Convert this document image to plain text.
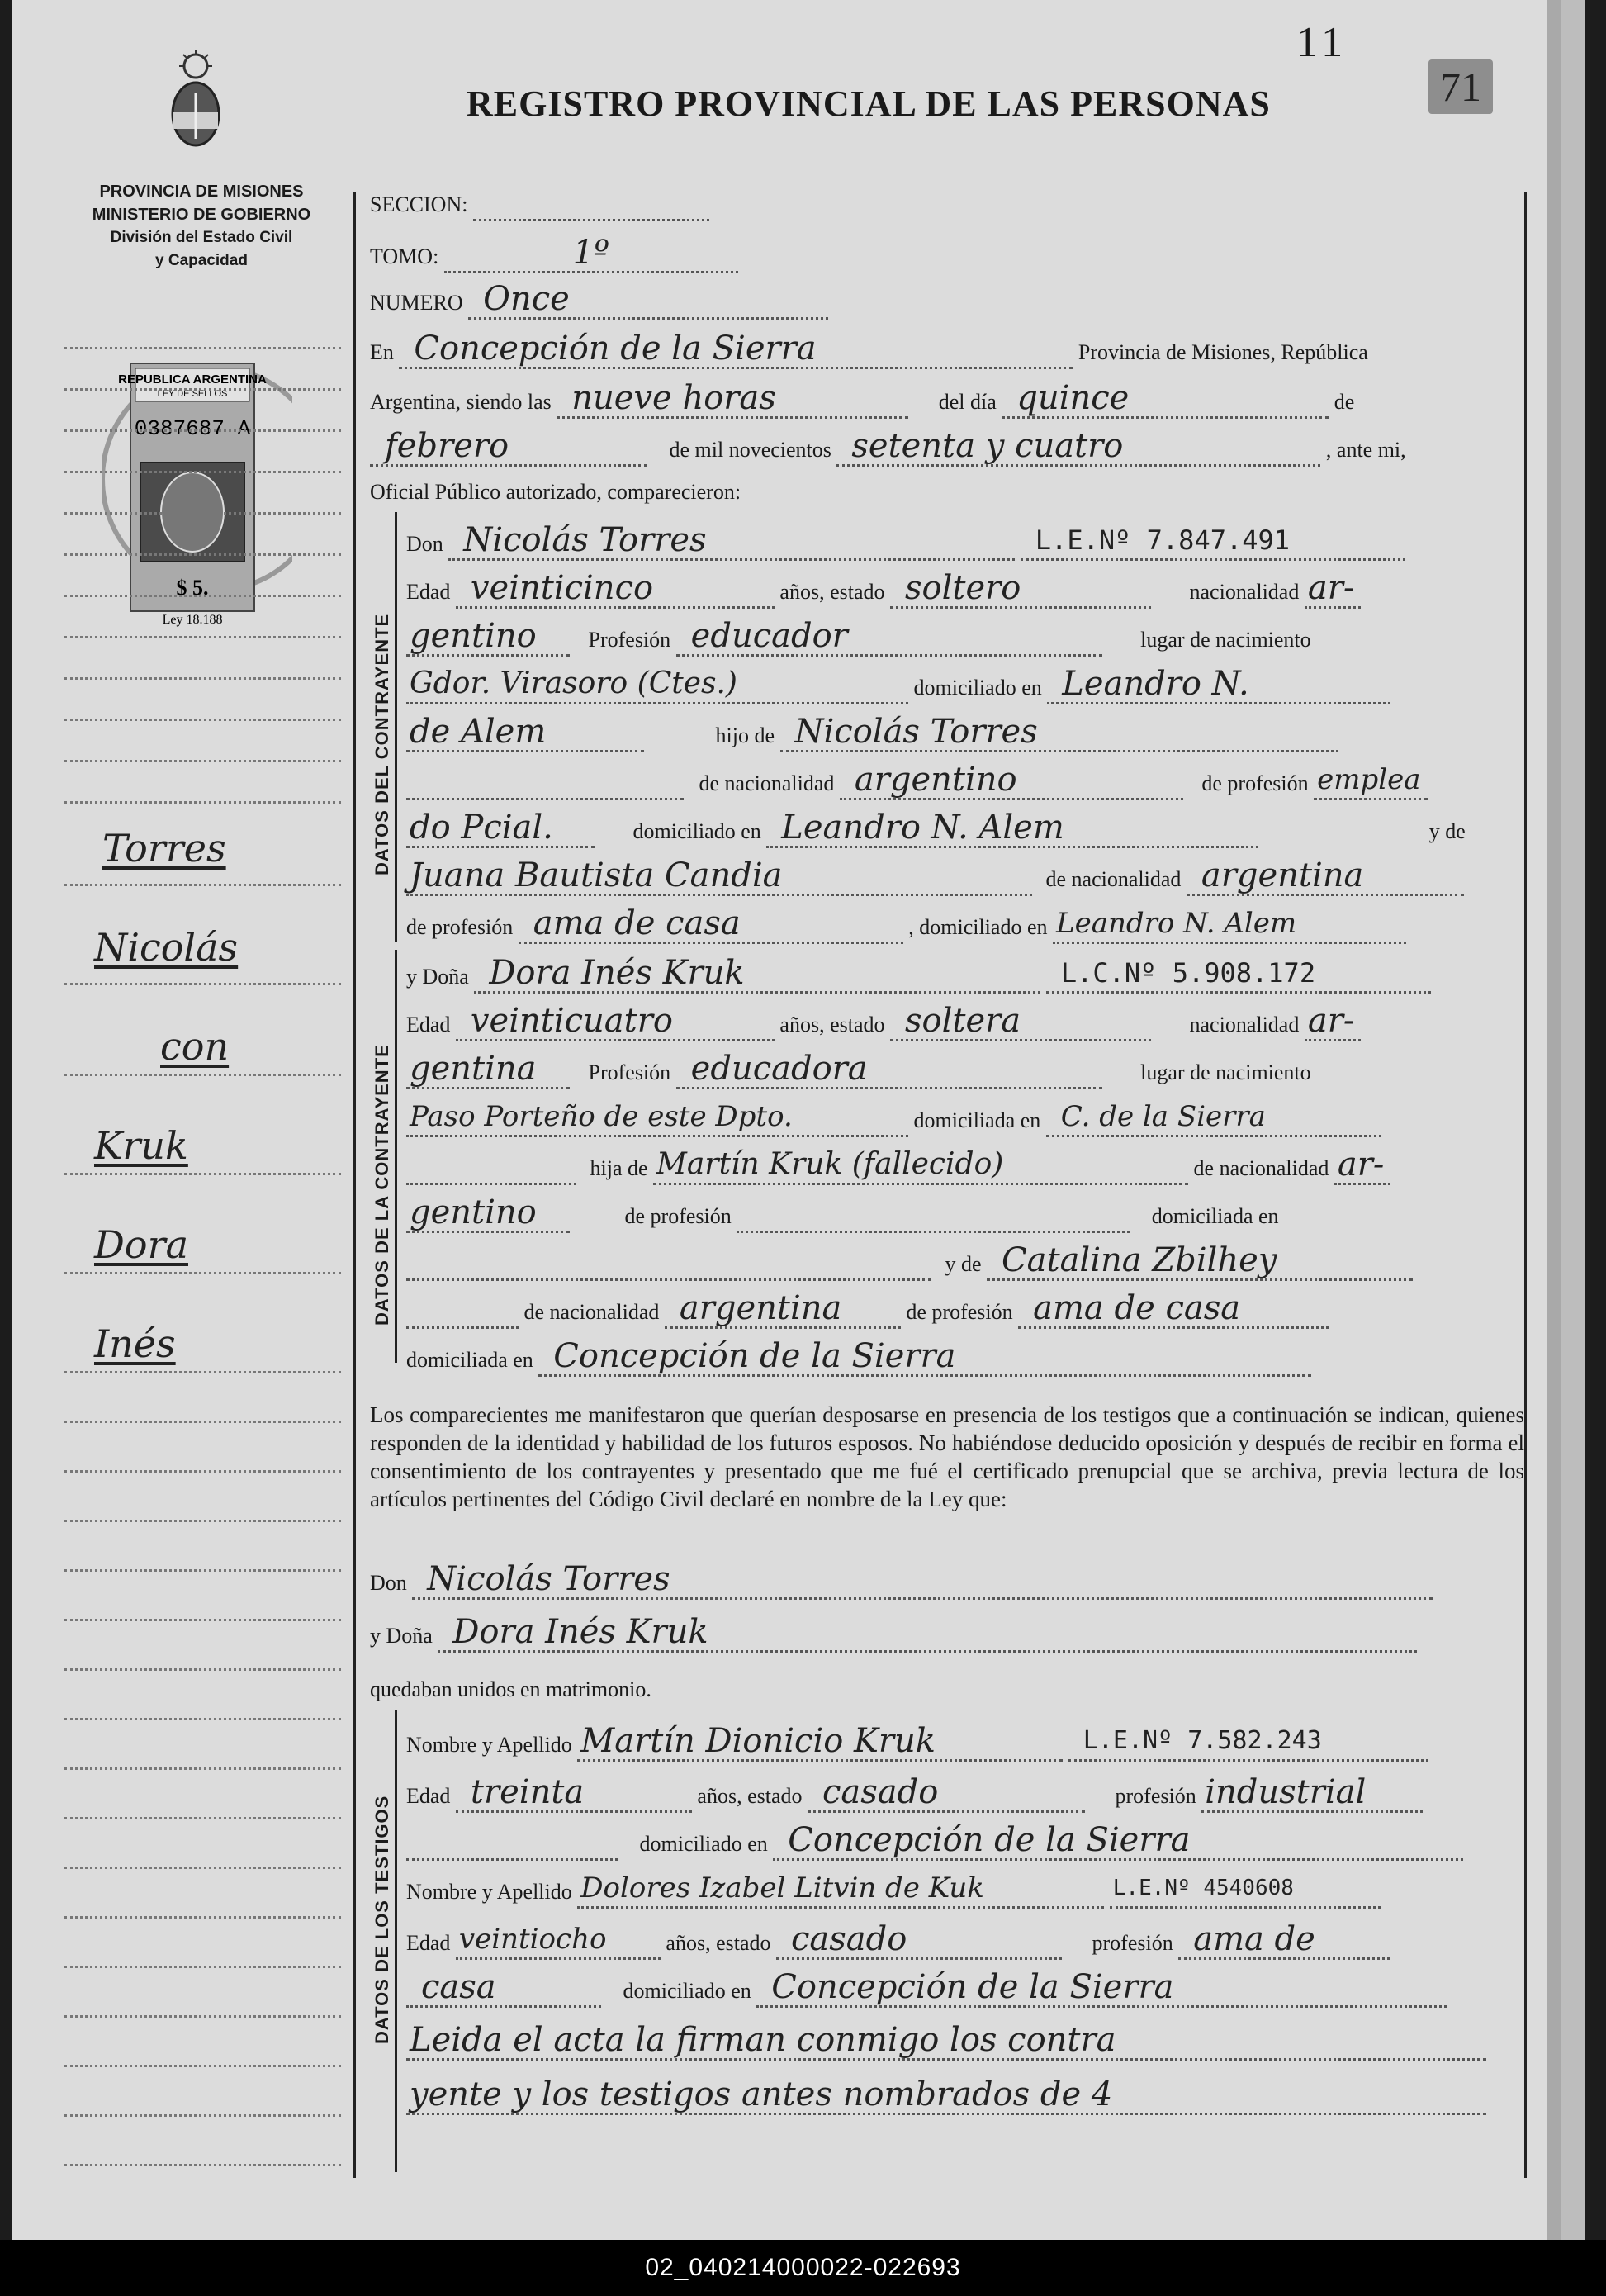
11
71
REGISTRO PROVINCIAL DE LAS PERSONAS
PROVINCIA DE MISIONES
MINISTERIO DE GOBIERNO
División del Estado Civil
y Capacidad
REPUBLICA ARGENTINA
LEY DE SELLOS
0387687 A
$ 5.
Ley 18.188
Torres
Nicolás
con
Kruk
Dora
Inés
DATOS DEL CONTRAYENTE
DATOS DE LA CONTRAYENTE
DATOS DE LOS TESTIGOS
SECCION:
TOMO:	1º
NUMERO Once
En Concepción de la Sierra	Provincia de Misiones, República
Argentina, siendo las nueve horas	del día quince	de
febrero	de mil novecientos setenta y cuatro	, ante mi,
Oficial Público autorizado, comparecieron:
Don Nicolás Torres	L.E.Nº 7.847.491
Edad veinticinco	años, estado soltero	nacionalidad ar-
gentino Profesión educador	lugar de nacimiento
Gdor. Virasoro (Ctes.)	domiciliado en Leandro N.
de Alem	hijo de Nicolás Torres
de nacionalidad argentino	de profesión emplea
do Pcial.	domiciliado en Leandro N. Alem	y de
Juana Bautista Candia	de nacionalidad argentina
de profesión ama de casa	, domiciliado en Leandro N. Alem
y Doña Dora Inés Kruk	L.C.Nº 5.908.172
Edad veinticuatro	años, estado soltera	nacionalidad ar-
gentina Profesión educadora	lugar de nacimiento
Paso Porteño de este Dpto.	domiciliada en C. de la Sierra
hija de Martín Kruk (fallecido)	de nacionalidad ar-
gentino	de profesión	domiciliada en
y de Catalina Zbilhey
de nacionalidad argentina	de profesión ama de casa
domiciliada en Concepción de la Sierra
Los comparecientes me manifestaron que querían desposarse en presencia de los testigos que a continuación se indican, quienes responden de la identidad y habilidad de los futuros esposos. No habiéndose deducido oposición y después de recibir en forma el consentimiento de los contrayentes y presentado que me fué el certificado prenupcial que se archiva, previa lectura de los artículos pertinentes del Código Civil declaré en nombre de la Ley que:
Don Nicolás Torres
y Doña Dora Inés Kruk
quedaban unidos en matrimonio.
Nombre y Apellido Martín Dionicio Kruk	L.E.Nº 7.582.243
Edad treinta	años, estado casado	profesión industrial
domiciliado en Concepción de la Sierra
Nombre y Apellido Dolores Izabel Litvin de Kuk	L.E.Nº 4540608
Edad veintiocho	años, estado casado	profesión ama de
casa	domiciliado en Concepción de la Sierra
Leida el acta la firman conmigo los contra
yente y los testigos antes nombrados de 4
02_040214000022-022693
